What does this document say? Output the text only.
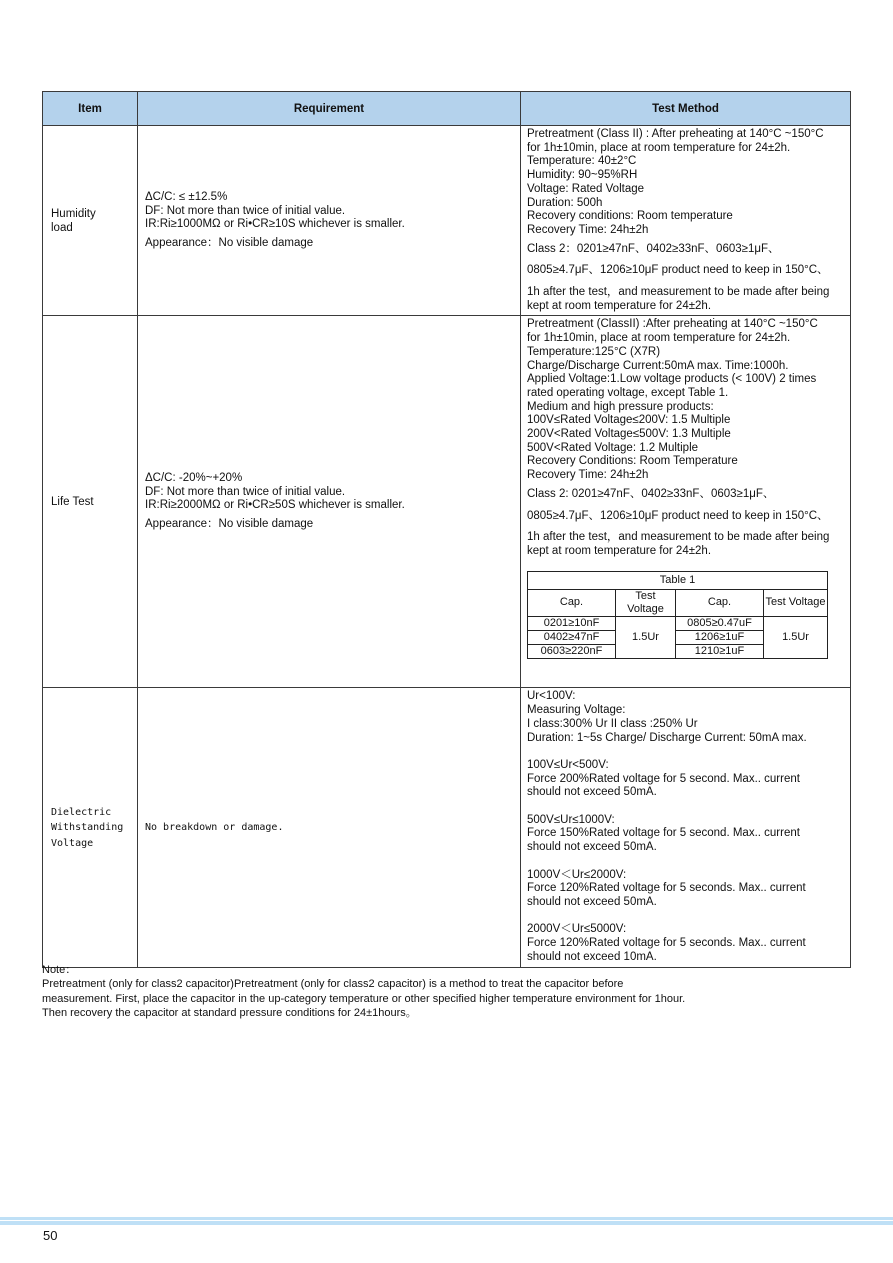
Item	Requirement	Test Method

Humidity
load

ΔC/C: ≤ ±12.5%
DF: Not more than twice of initial value.
IR:Ri≥1000MΩ or Ri•CR≥10S whichever is smaller.
Appearance：No visible damage

Pretreatment (Class II) : After preheating at 140°C ~150°C
for 1h±10min, place at room temperature for 24±2h.
Temperature: 40±2°C
Humidity: 90~95%RH
Voltage: Rated Voltage
Duration: 500h
Recovery conditions: Room temperature
Recovery Time: 24h±2h
Class 2：0201≥47nF、0402≥33nF、0603≥1μF、
0805≥4.7μF、1206≥10μF product need to keep in 150°C、
1h after the test，and measurement to be made after being
kept at room temperature for 24±2h.

Life Test

ΔC/C: -20%~+20%
DF: Not more than twice of initial value.
IR:Ri≥2000MΩ or Ri•CR≥50S whichever is smaller.
Appearance：No visible damage

Pretreatment (ClassII) :After preheating at 140°C ~150°C
for 1h±10min, place at room temperature for 24±2h.
Temperature:125°C (X7R)
Charge/Discharge Current:50mA max. Time:1000h.
Applied Voltage:1.Low voltage products (< 100V) 2 times
rated operating voltage, except Table 1.
Medium and high pressure products:
100V≤Rated Voltage≤200V: 1.5 Multiple
200V<Rated Voltage≤500V: 1.3 Multiple
500V<Rated Voltage: 1.2 Multiple
Recovery Conditions: Room Temperature
Recovery Time: 24h±2h
Class 2: 0201≥47nF、0402≥33nF、0603≥1μF、
0805≥4.7μF、1206≥10μF product need to keep in 150°C、
1h after the test，and measurement to be made after being
kept at room temperature for 24±2h.
Table 1
Cap.	Test Voltage	Cap.	Test Voltage
0201≥10nF	1.5Ur	0805≥0.47uF	1.5Ur
0402≥47nF	1206≥1uF
0603≥220nF	1210≥1uF

Dielectric
Withstanding
Voltage

No breakdown or damage.

Ur<100V:
Measuring Voltage:
I class:300% Ur II class :250% Ur
Duration: 1~5s Charge/ Discharge Current: 50mA max.
100V≤Ur<500V:
Force 200%Rated voltage for 5 second. Max.. current
should not exceed 50mA.
500V≤Ur≤1000V:
Force 150%Rated voltage for 5 second. Max.. current
should not exceed 50mA.
1000V＜Ur≤2000V:
Force 120%Rated voltage for 5 seconds. Max.. current
should not exceed 50mA.
2000V＜Ur≤5000V:
Force 120%Rated voltage for 5 seconds. Max.. current
should not exceed 10mA.
Note：
Pretreatment (only for class2 capacitor)Pretreatment (only for class2 capacitor) is a method to treat the capacitor before
measurement. First, place the capacitor in the up-category temperature or other specified higher temperature environment for 1hour.
Then recovery the capacitor at standard pressure conditions for 24±1hours。
50
